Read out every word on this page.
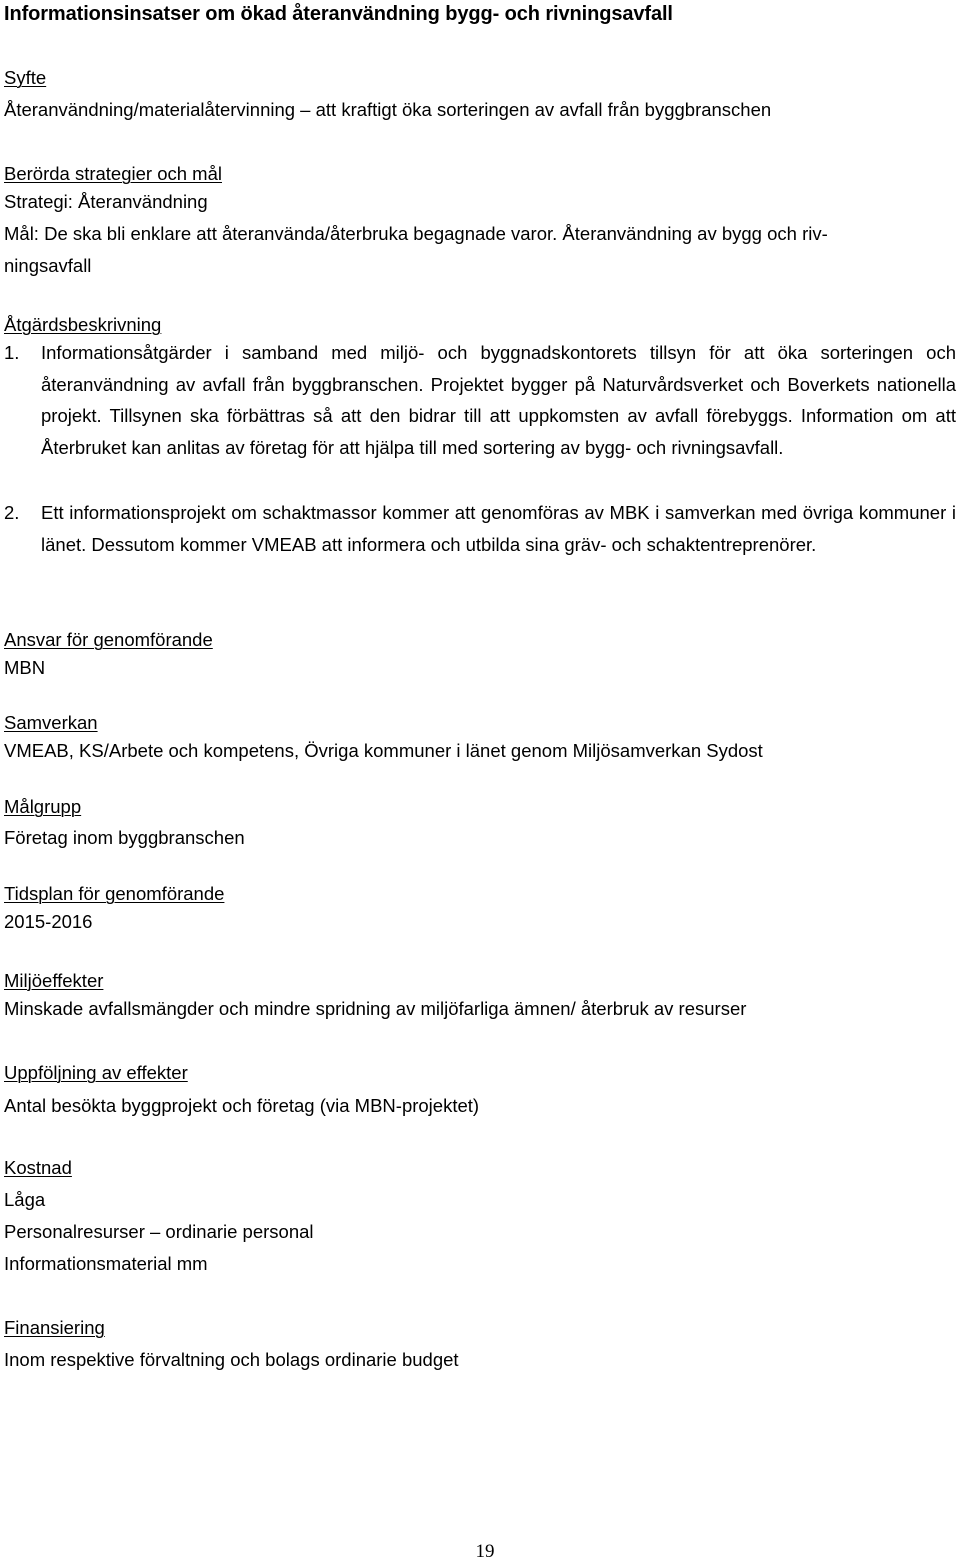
Informationsinsatser om ökad återanvändning bygg- och rivningsavfall
Syfte
Återanvändning/materialåtervinning – att kraftigt öka sorteringen av avfall från byggbranschen
Berörda strategier och mål
Strategi: Återanvändning
Mål: De ska bli enklare att återanvända/återbruka begagnade varor. Återanvändning av bygg och riv-
ningsavfall
Åtgärdsbeskrivning
1. Informationsåtgärder i samband med miljö- och byggnadskontorets tillsyn för att öka sorteringen och återanvändning av avfall från byggbranschen. Projektet bygger på Naturvårdsverket och Boverkets nationella projekt. Tillsynen ska förbättras så att den bidrar till att uppkomsten av avfall förebyggs. Information om att Återbruket kan anlitas av företag för att hjälpa till med sortering av bygg- och rivningsavfall.
2. Ett informationsprojekt om schaktmassor kommer att genomföras av MBK i samverkan med övriga kommuner i länet. Dessutom kommer VMEAB att informera och utbilda sina gräv- och schaktentreprenörer.
Ansvar för genomförande
MBN
Samverkan
VMEAB, KS/Arbete och kompetens, Övriga kommuner i länet genom Miljösamverkan Sydost
Målgrupp
Företag inom byggbranschen
Tidsplan för genomförande
2015-2016
Miljöeffekter
Minskade avfallsmängder och mindre spridning av miljöfarliga ämnen/ återbruk av resurser
Uppföljning av effekter
Antal besökta byggprojekt och företag (via MBN-projektet)
Kostnad
Låga
Personalresurser – ordinarie personal
Informationsmaterial mm
Finansiering
Inom respektive förvaltning och bolags ordinarie budget
19
